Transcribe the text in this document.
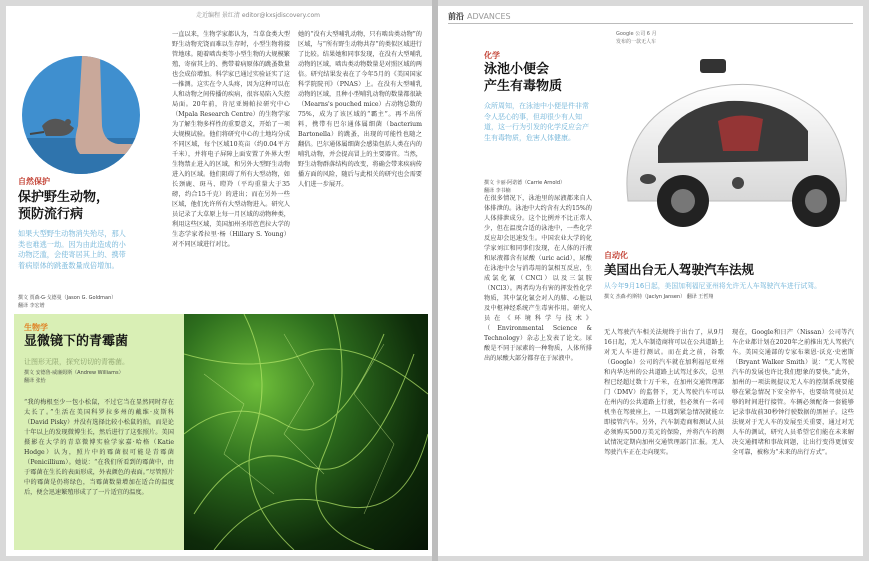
走近编程 景红清 editor@kxsjdiscovery.com
自然保护
保护野生动物，
预防流行病
如果大型野生动物消失殆尽，那人类也难逃一劫。因为由此造成的小动物泛滥，会使寄居其上的、携带着病原体的跳蚤数量成倍增加。
撰文 贾森·G·戈德曼（Jason G. Goldman）
翻译 李宏增
一直以来，生物学家都认为，当草食类大型野生动物充饶而难以生存时，小型生物将接管地球。随着啮齿类等小型生物的大规模繁殖，寄宿其上的、携带着病原体的跳蚤数量也会成倍增加。科学家已通过实验证实了这一推测。这实在令人头疼，因为这种可以在人和动物之间传播的疾病，很容易陷入失控局面。20年前，肯尼亚姆帕拉研究中心（Mpala Research Centre）的生物学家为了解生物多样性的重要意义，开始了一项大规模试验。他们将研究中心的土地均分成不同区域，每个区域10英亩（约0.04平方千米），并将电子屏障上面安置了外界大型生物禁止进入的区域，和另外大型野生动物进入的区域。他们阻碍了所有大型动物，如长颈鹿、斑马、瞪羚（平均重量大于35磅，约合15千克）的进出；而在另外一些区域，他们允许所有大型动物进入。研究人员记录了大草原上每一月区域的动物种类，利用这些区域，美国加州圣塔芭芭拉大学的生态学家希拉里·杨（Hillary S. Young）对不同区域进行对比。
她的“没有大型哺乳动物，只有啮齿类动物”的区域，与“所有野生动物共存”的类似区域进行了比较。结果她和同事发现，在没有大型哺乳动物的区域，啮齿类动物数量是对照区域的两倍。研究结果发表在了今年5月的《美国国家科学院院刊》（PNAS）上。在没有大型哺乳动物的区域，且种小型哺乳动物的数量都很缺（Mearns's pouched mice）占动物总数的75%，成为了该区域的“霸主”。再不出所料，携带有巴尔通体属细菌（bacterium Bartonella）的跳蚤，出现的可能性也随之翻倍。巴尔通体属细菌会感染包括人类在内的哺乳动物，并会提高冒上的主要器官。当然，野生动物群落结构的改变，将确会带来疾病传播方面的风险，随后与此相关的研究也会需要人们进一步展开。
生物学
显微镜下的青霉菌
让图形无限，探究切切的青霉菌。
撰文 安德鲁·威廉姆斯（Andrew Williams）
翻译 张怡
“我的梅根至少一包小松鼠，不过它当在显然同时存在太长了。”生活在美国科罗拉多州的戴维·皮斯科（David Pisky）并没有选择比较小松鼠的拍，而是论十年以上的发现微博生长，然后进行了这张照片。美国摄影在大学的青草微博实验学家嘉·哈格（Katie Hodge）认为，照片中的霉菌很可能是青霉菌（Penicillium）。她说：“在我们所看到的霉菌中，由于霉菌在生长的表面形成，外表颜色的表面。”尽管照片中的霉菌是仍将绿色，当霉菌数量增加在适合的温度后，便会迅速繁殖形成了了一片适宜的温度。
前沿 ADVANCES
化学
泳池小便会
产生有毒物质
众所周知，在泳池中小便是件非常令人恶心的事，但却很少有人知道，这一行为引发的化学反应会产生有毒物质，危害人体健康。
撰文 卡丽·阿诺德（Carrie Arnold）
翻译 李书楠
在很多情况下，泳池里的尿液都来自人体排泄的。泳池中大约含有大约15%的人体排泄成分。这个比例并不比正常人少，但在温度合适的泳池中，一些化学反应却会迅速发生。中国农业大学的化学家刘江和同事们发现，在人体的汗液和尿液都含有尿酸（uric acid），尿酸在泳池中会与消毒用的氯相互反应，生成氯化氰（CNCl）以及三氯胺（NCl3）。两者均为有害的挥发性化学物质，其中氯化氰会对人的肺、心脏以及中枢神经系统产生毒害作用。研究人员在《环境科学与技术》（Environmental Science & Technology）杂志上发表了论文。尿酸是不同于尿素的一种物质，人体所排出的尿酸大部分都存在于尿液中。
Google 公司 6 月
发布的一款无人车
自动化
美国出台无人驾驶汽车法规
从今年9月16日起，美国加利福尼亚州将允许无人车驾驶汽车进行试驾。
撰文 杰森·约斯特（Jaclyn Jansen） 翻译 王哲翔
无人驾驶汽车相关法规终于出台了，从9月16日起，无人车制造商将可以在公共道路上对无人车进行测试。而在此之前，谷歌（Google）公司的汽车就在加利福尼亚州和内华达州的公共道路上试驾过多次，总里程已经超过数十万千米，在加州交通管理部门（DMV）的监督下，无人驾驶汽车可以在州内的公共道路上行驶，但必须有一名司机坐在驾驶座上，一旦遇到紧急情况就能立即接管汽车。另外，汽车制造商和测试人员必须购买500万美元的保险，并将汽车的测试情况定期向加州交通管理部门汇报。无人驾驶汽车正在走向现实。
现在，Google和日产（Nissan）公司等汽车企业都计划在2020年之前推出无人驾驶汽车。美国交通部的专家布莱恩·沃克·史密斯（Bryant Walker Smith）说：“无人驾驶汽车的发展也许比我们想象的要快。”此外，加州的一项法规提议无人车的控制系统要能够在紧急情况下安全停车，也要给驾驶员足够的时间进行接管。车辆必须配备一套能够记录事故前30秒钟行驶数据的黑匣子。这些法规对于无人车的发展至关重要，通过对无人车的测试，研究人员希望它们能在未来解决交通拥堵和事故问题，让出行变得更加安全可靠，被称为“未来的出行方式”。
